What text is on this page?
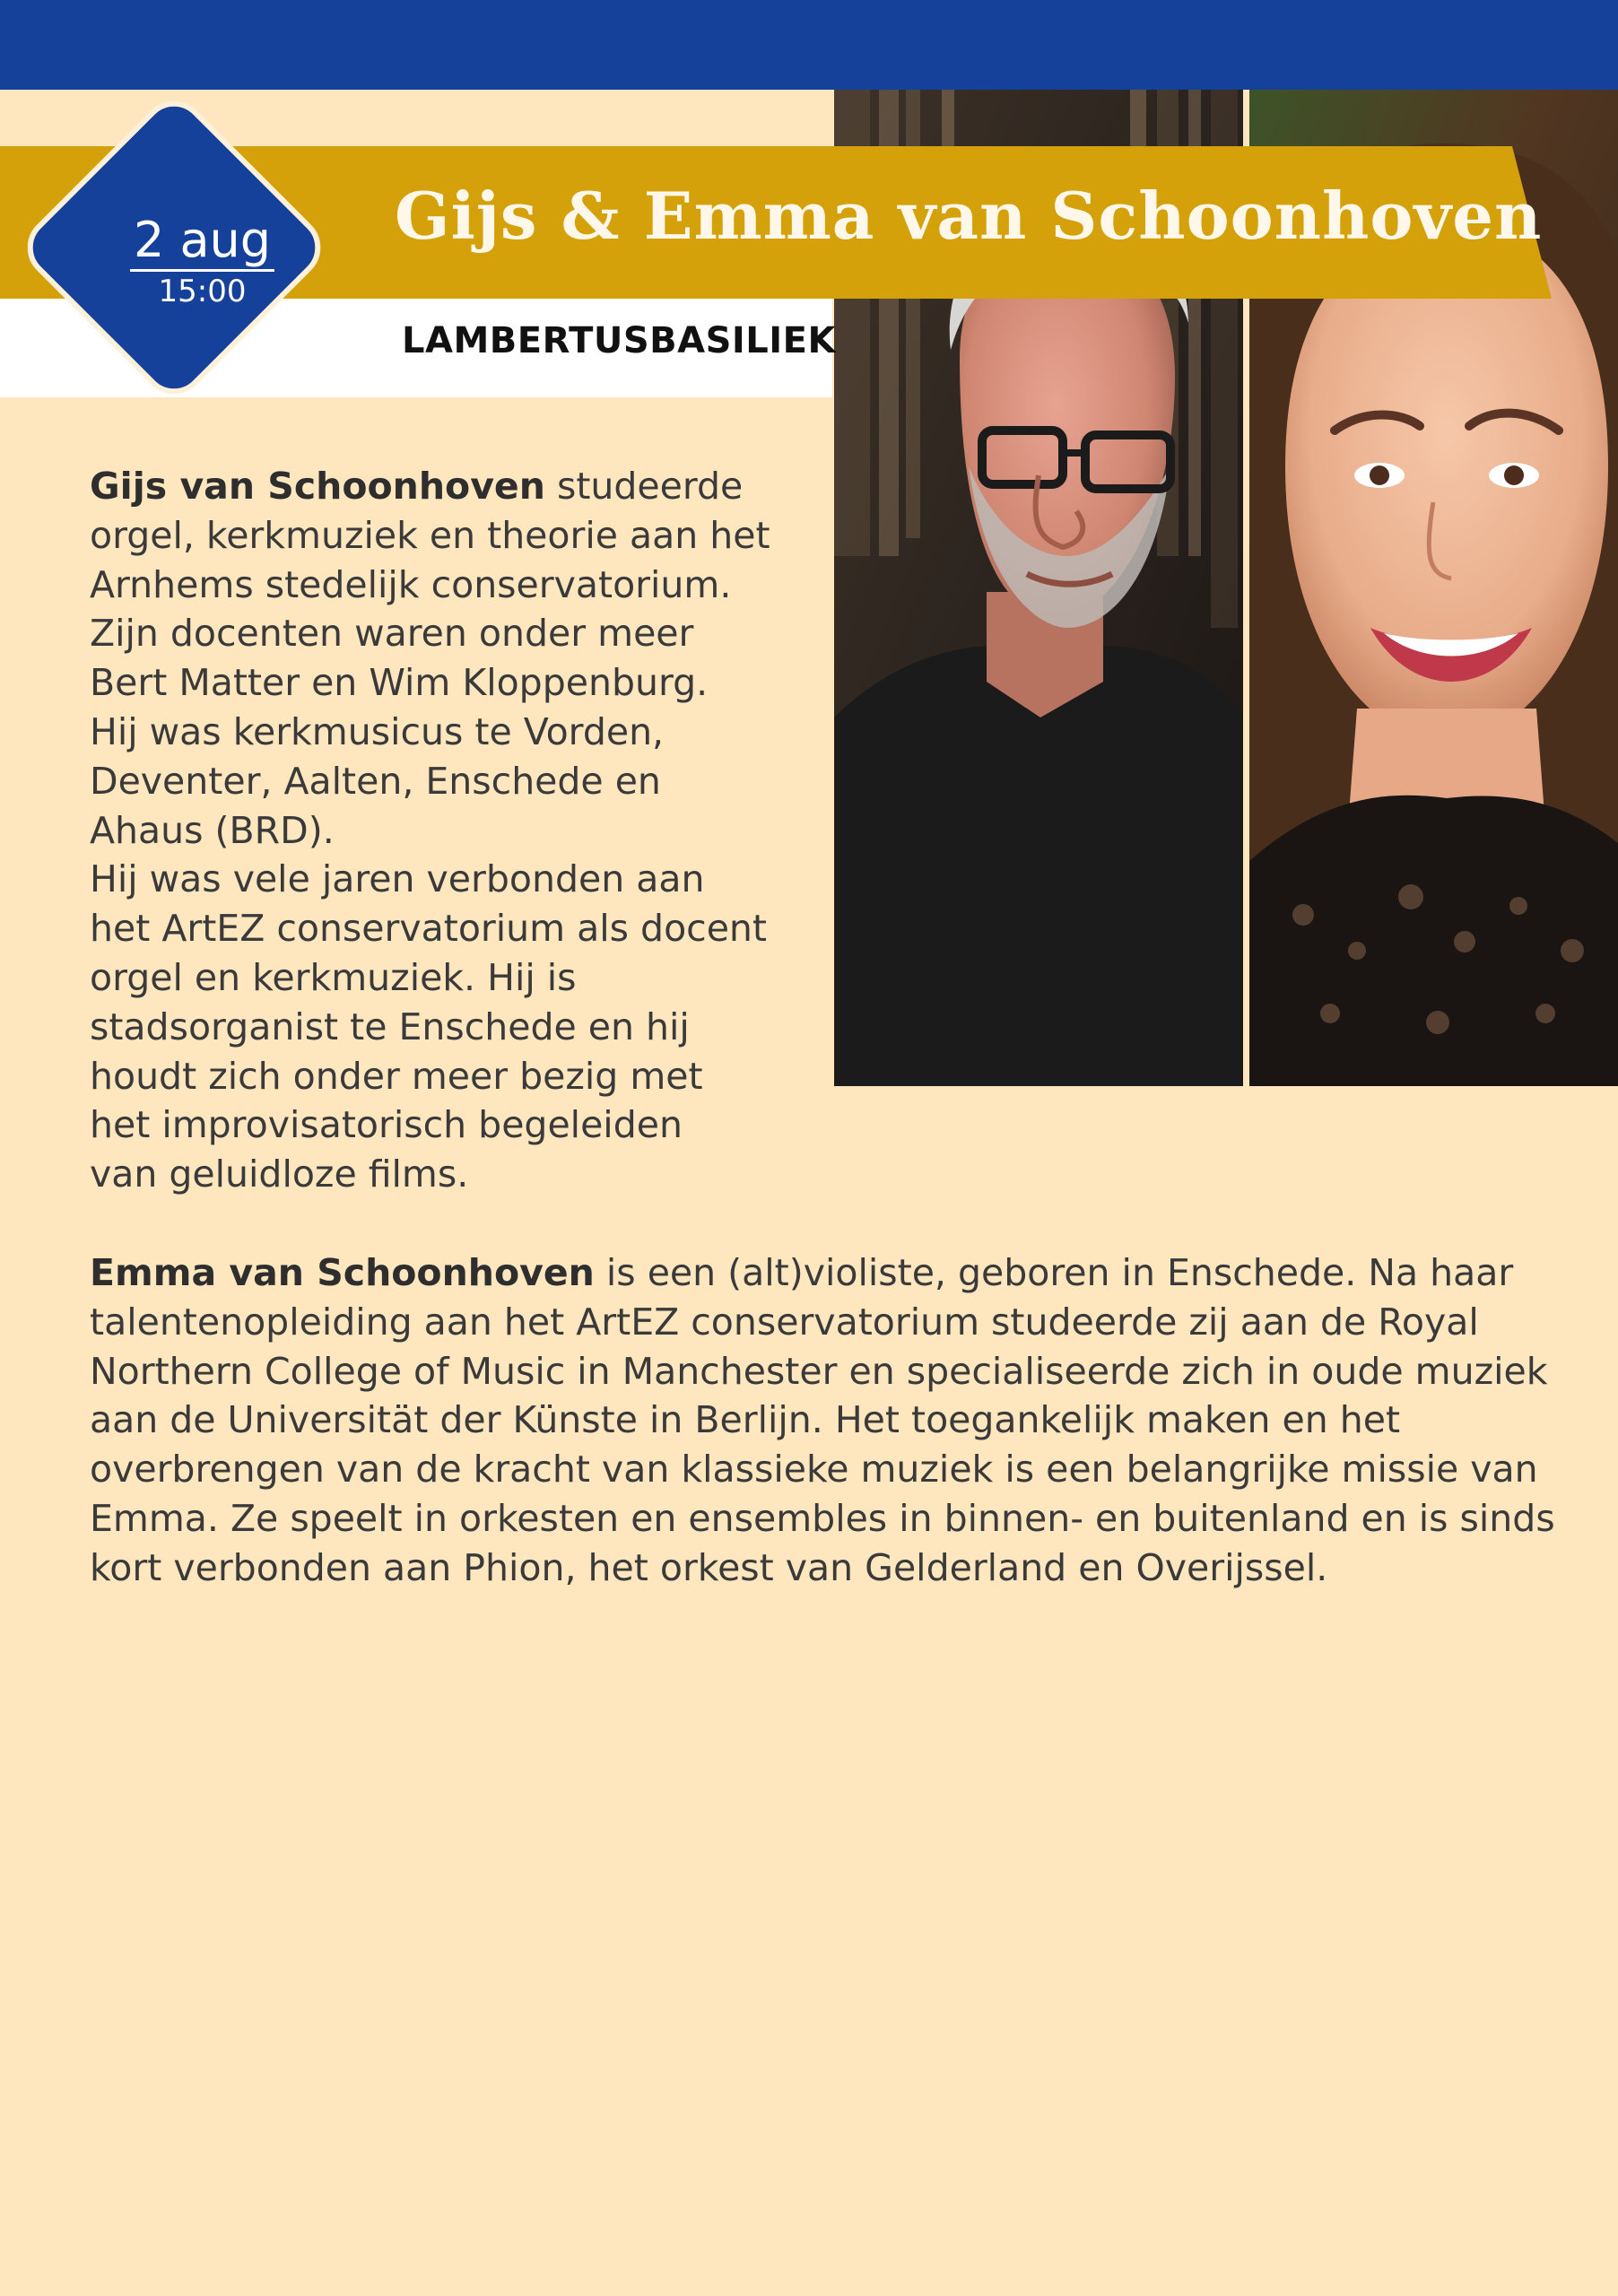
Gijs & Emma van Schoonhoven
LAMBERTUSBASILIEK
2 aug
15:00

Gijs van Schoonhoven studeerde
orgel, kerkmuziek en theorie aan het
Arnhems stedelijk conservatorium.
Zijn docenten waren onder meer
Bert Matter en Wim Kloppenburg.
Hij was kerkmusicus te Vorden,
Deventer, Aalten, Enschede en
Ahaus (BRD).
Hij was vele jaren verbonden aan
het ArtEZ conservatorium als docent
orgel en kerkmuziek. Hij is
stadsorganist te Enschede en hij
houdt zich onder meer bezig met
het improvisatorisch begeleiden
van geluidloze films.

Emma van Schoonhoven is een (alt)violiste, geboren in Enschede. Na haar
talentenopleiding aan het ArtEZ conservatorium studeerde zij aan de Royal
Northern College of Music in Manchester en specialiseerde zich in oude muziek
aan de Universität der Künste in Berlijn. Het toegankelijk maken en het
overbrengen van de kracht van klassieke muziek is een belangrijke missie van
Emma. Ze speelt in orkesten en ensembles in binnen- en buitenland en is sinds
kort verbonden aan Phion, het orkest van Gelderland en Overijssel.
